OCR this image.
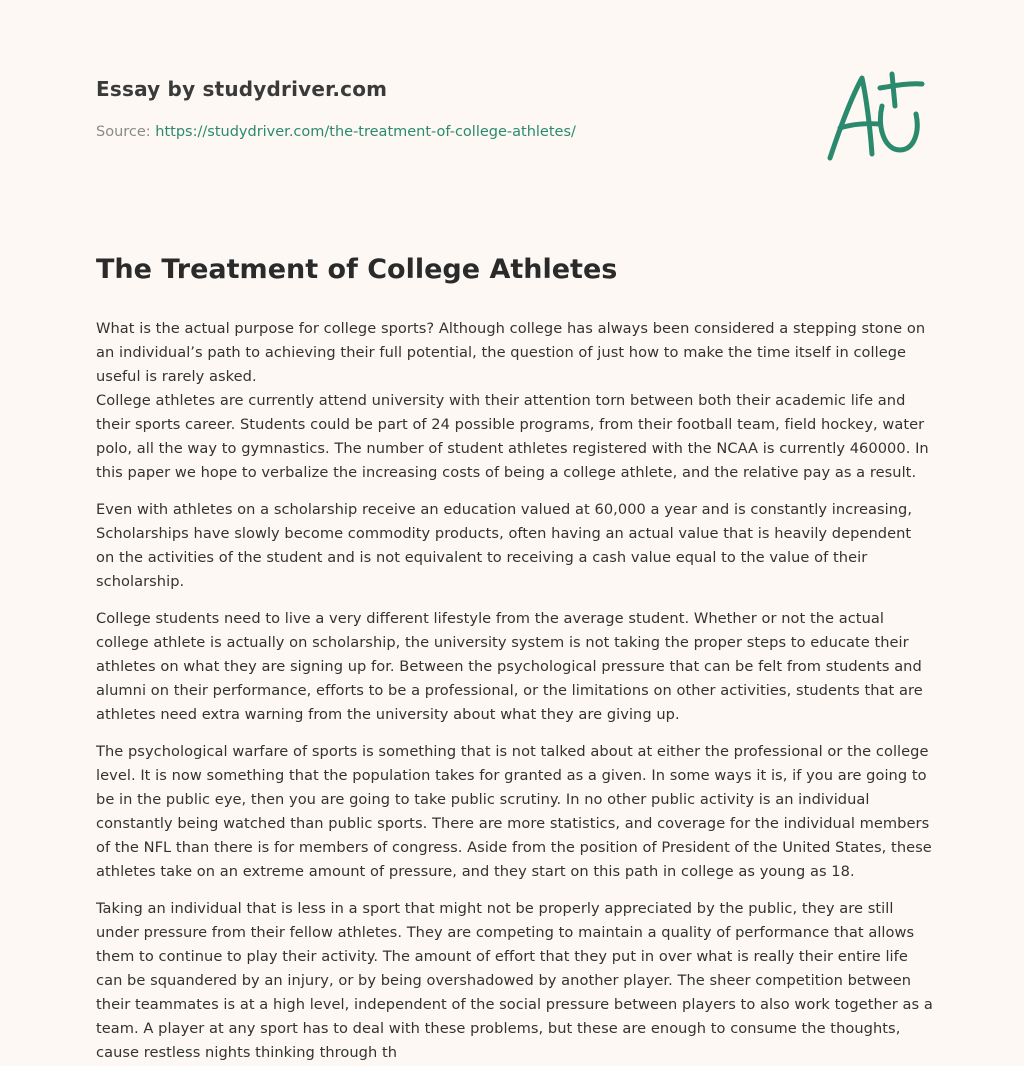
Essay by studydriver.com
Source: https://studydriver.com/the-treatment-of-college-athletes/
The Treatment of College Athletes

What is the actual purpose for college sports? Although college has always been considered a stepping stone on an individual’s path to achieving their full potential, the question of just how to make the time itself in college useful is rarely asked.
College athletes are currently attend university with their attention torn between both their academic life and their sports career. Students could be part of 24 possible programs, from their football team, field hockey, water polo, all the way to gymnastics. The number of student athletes registered with the NCAA is currently 460000. In this paper we hope to verbalize the increasing costs of being a college athlete, and the relative pay as a result.

Even with athletes on a scholarship receive an education valued at 60,000 a year and is constantly increasing, Scholarships have slowly become commodity products, often having an actual value that is heavily dependent on the activities of the student and is not equivalent to receiving a cash value equal to the value of their scholarship.

College students need to live a very different lifestyle from the average student. Whether or not the actual college athlete is actually on scholarship, the university system is not taking the proper steps to educate their athletes on what they are signing up for. Between the psychological pressure that can be felt from students and alumni on their performance, efforts to be a professional, or the limitations on other activities, students that are athletes need extra warning from the university about what they are giving up.

The psychological warfare of sports is something that is not talked about at either the professional or the college level. It is now something that the population takes for granted as a given. In some ways it is, if you are going to be in the public eye, then you are going to take public scrutiny. In no other public activity is an individual constantly being watched than public sports. There are more statistics, and coverage for the individual members of the NFL than there is for members of congress. Aside from the position of President of the United States, these athletes take on an extreme amount of pressure, and they start on this path in college as young as 18.

Taking an individual that is less in a sport that might not be properly appreciated by the public, they are still under pressure from their fellow athletes. They are competing to maintain a quality of performance that allows them to continue to play their activity. The amount of effort that they put in over what is really their entire life can be squandered by an injury, or by being overshadowed by another player. The sheer competition between their teammates is at a high level, independent of the social pressure between players to also work together as a team. A player at any sport has to deal with these problems, but these are enough to consume the thoughts, cause restless nights thinking through th
